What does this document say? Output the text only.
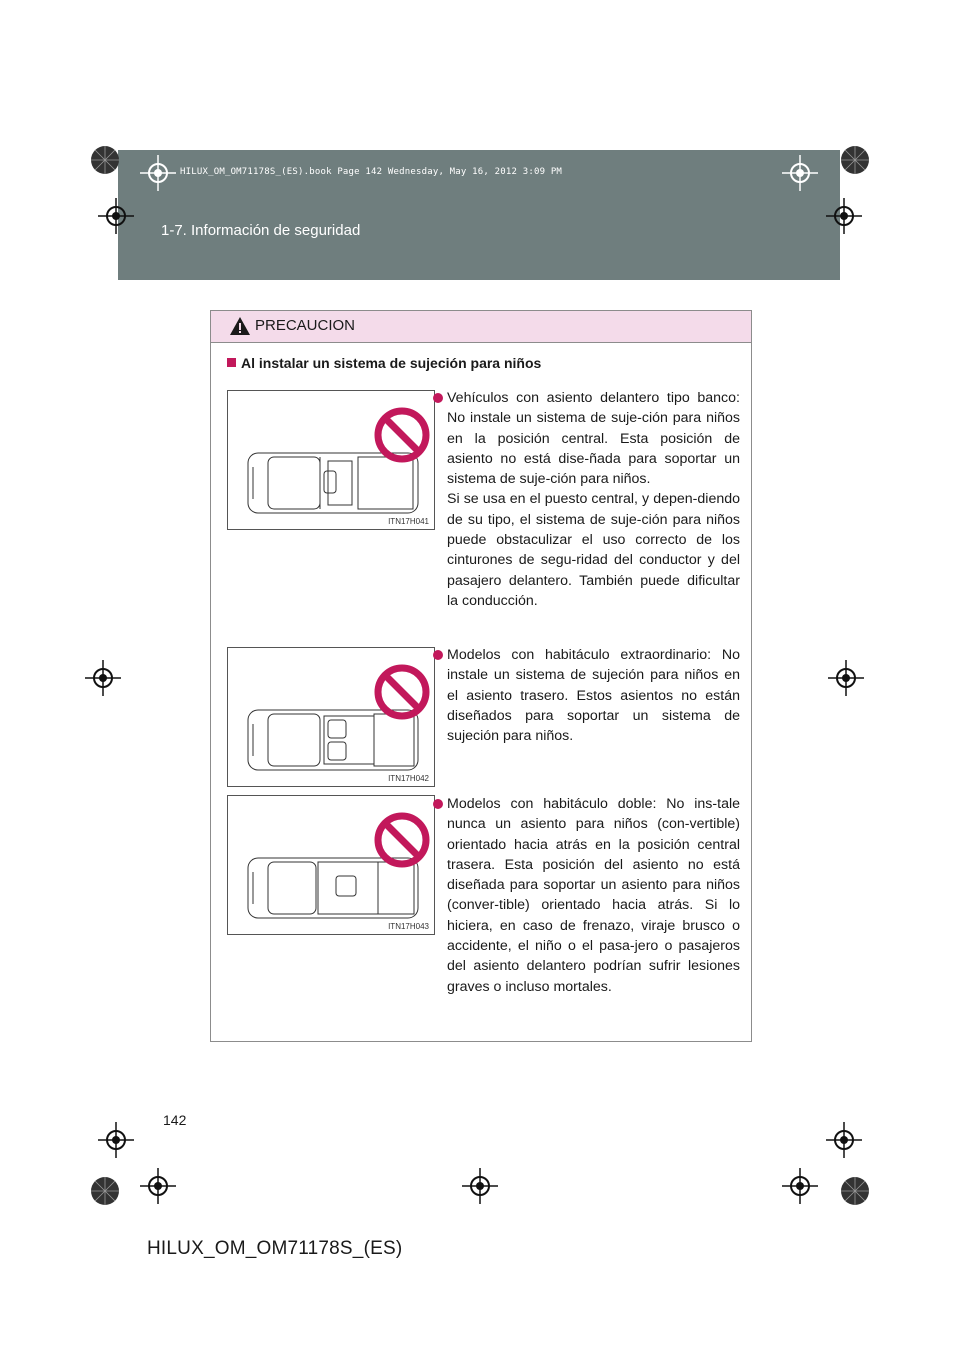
HILUX_OM_OM71178S_(ES).book Page 142 Wednesday, May 16, 2012 3:09 PM
1-7. Información de seguridad
PRECAUCION
Al instalar un sistema de sujeción para niños
ITN17H041

Vehículos con asiento delantero tipo banco: No instale un sistema de suje-ción para niños en la posición central. Esta posición de asiento no está dise-ñada para soportar un sistema de suje-ción para niños.

Si se usa en el puesto central, y depen-diendo de su tipo, el sistema de suje-ción para niños puede obstaculizar el uso correcto de los cinturones de segu-ridad del conductor y del pasajero delantero. También puede dificultar la conducción.

ITN17H042

Modelos con habitáculo extraordinario: No instale un sistema de sujeción para niños en el asiento trasero. Estos asientos no están diseñados para soportar un sistema de sujeción para niños.

ITN17H043

Modelos con habitáculo doble: No ins-tale nunca un asiento para niños (con-vertible) orientado hacia atrás en la posición central trasera. Esta posición del asiento no está diseñada para soportar un asiento para niños (conver-tible) orientado hacia atrás. Si lo hiciera, en caso de frenazo, viraje brusco o accidente, el niño o el pasa-jero o pasajeros del asiento delantero podrían sufrir lesiones graves o incluso mortales.

142
HILUX_OM_OM71178S_(ES)
